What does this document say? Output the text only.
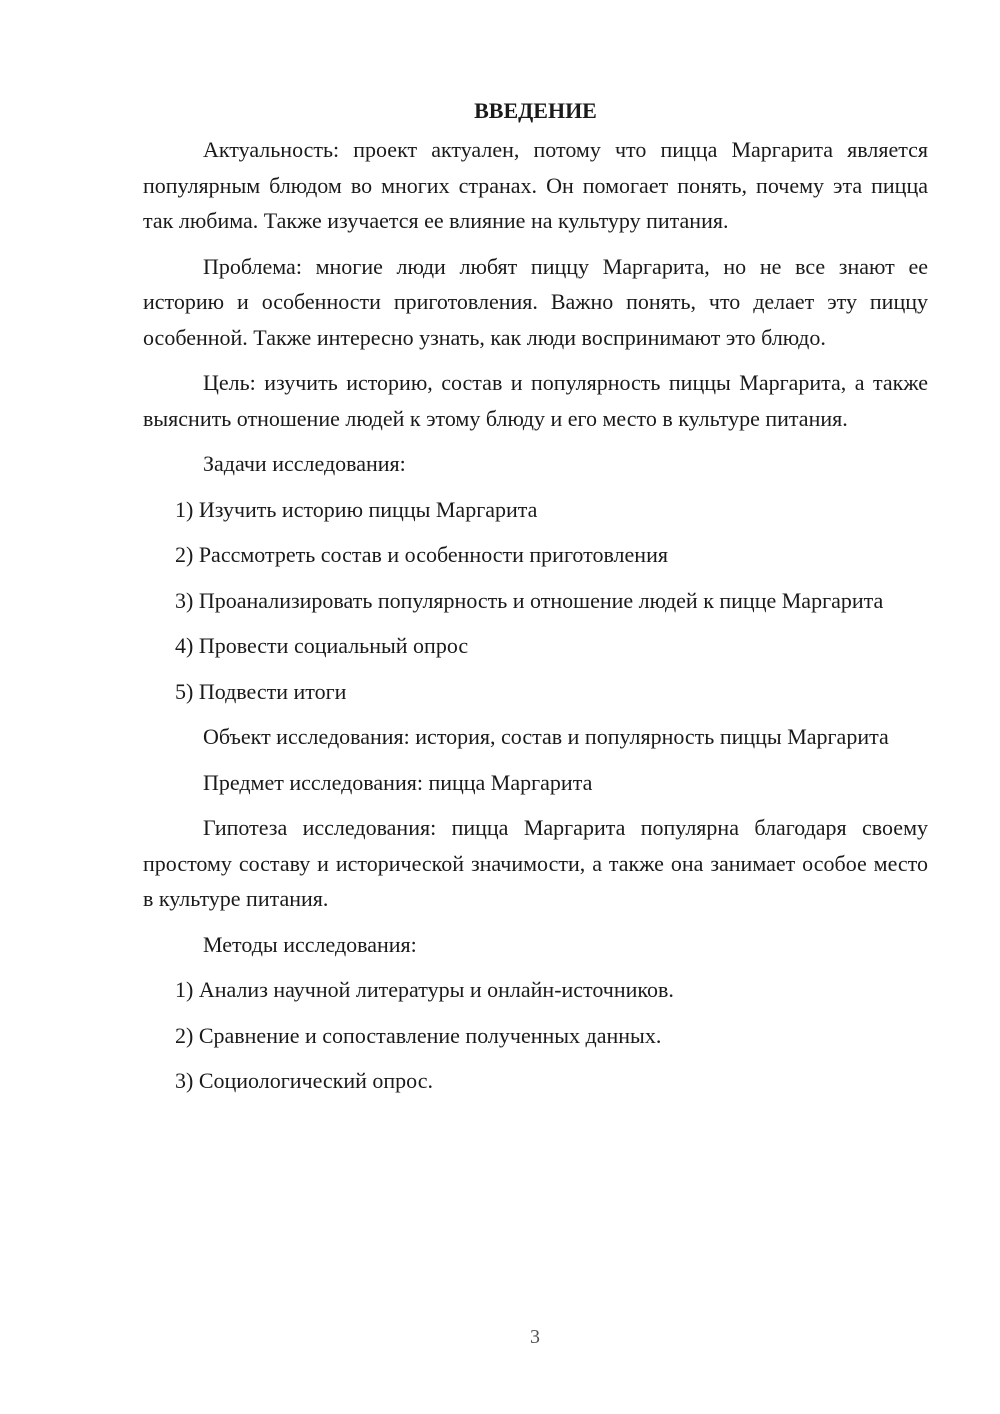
ВВЕДЕНИЕ

Актуальность: проект актуален, потому что пицца Маргарита является популярным блюдом во многих странах. Он помогает понять, почему эта пицца так любима. Также изучается ее влияние на культуру питания.

Проблема: многие люди любят пиццу Маргарита, но не все знают ее историю и особенности приготовления. Важно понять, что делает эту пиццу особенной. Также интересно узнать, как люди воспринимают это блюдо.

Цель: изучить историю, состав и популярность пиццы Маргарита, а также выяснить отношение людей к этому блюду и его место в культуре питания.

Задачи исследования:

1) Изучить историю пиццы Маргарита

2) Рассмотреть состав и особенности приготовления

3) Проанализировать популярность и отношение людей к пицце Маргарита

4) Провести социальный опрос

5) Подвести итоги

Объект исследования: история, состав и популярность пиццы Маргарита

Предмет исследования: пицца Маргарита

Гипотеза исследования: пицца Маргарита популярна благодаря своему простому составу и исторической значимости, а также она занимает особое место в культуре питания.

Методы исследования:

1) Анализ научной литературы и онлайн-источников.

2) Сравнение и сопоставление полученных данных.

3) Социологический опрос.

3
